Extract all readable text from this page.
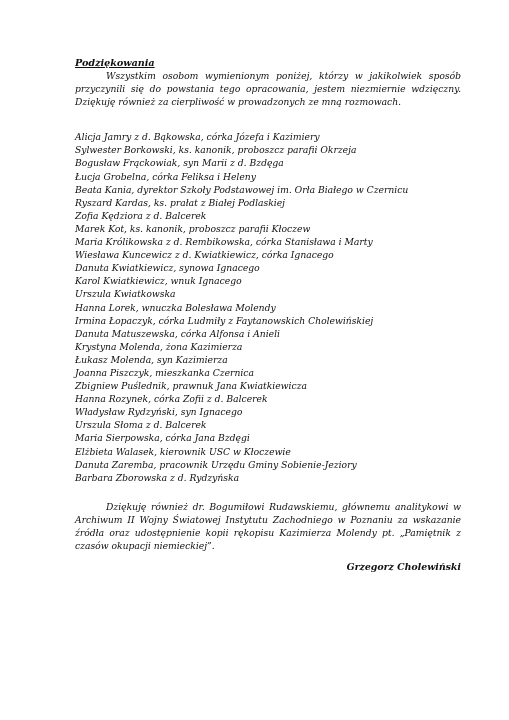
Podziękowania

Wszystkim osobom wymienionym poniżej, którzy w jakikolwiek sposób przyczynili się do powstania tego opracowania, jestem niezmiernie wdzięczny. Dziękuję również za cierpliwość w prowadzonych ze mną rozmowach.

Alicja Jamry z d. Bąkowska, córka Józefa i Kazimiery
Sylwester Borkowski, ks. kanonik, proboszcz parafii Okrzeja
Bogusław Frąckowiak, syn Marii z d. Bzdęga
Łucja Grobelna, córka Feliksa i Heleny
Beata Kania, dyrektor Szkoły Podstawowej im. Orła Białego w Czernicu
Ryszard Kardas, ks. prałat z Białej Podlaskiej
Zofia Kędziora z d. Balcerek
Marek Kot, ks. kanonik, proboszcz parafii Kłoczew
Maria Królikowska z d. Rembikowska, córka Stanisława i Marty
Wiesława Kuncewicz z d. Kwiatkiewicz, córka Ignacego
Danuta Kwiatkiewicz, synowa Ignacego
Karol Kwiatkiewicz, wnuk Ignacego
Urszula Kwiatkowska
Hanna Lorek, wnuczka Bolesława Molendy
Irmina Łopaczyk, córka Ludmiły z Faytanowskich Cholewińskiej
Danuta Matuszewska, córka Alfonsa i Anieli
Krystyna Molenda, żona Kazimierza
Łukasz Molenda, syn Kazimierza
Joanna Piszczyk, mieszkanka Czernica
Zbigniew Puślednik, prawnuk Jana Kwiatkiewicza
Hanna Rozynek, córka Zofii z d. Balcerek
Władysław Rydzyński, syn Ignacego
Urszula Słoma z d. Balcerek
Maria Sierpowska, córka Jana Bzdęgi
Elżbieta Walasek, kierownik USC w Kłoczewie
Danuta Zaremba, pracownik Urzędu Gminy Sobienie-Jeziory
Barbara Zborowska z d. Rydzyńska

Dziękuję również dr. Bogumiłowi Rudawskiemu, głównemu analitykowi w Archiwum II Wojny Światowej Instytutu Zachodniego w Poznaniu za wskazanie źródła oraz udostępnienie kopii rękopisu Kazimierza Molendy pt. „Pamiętnik z czasów okupacji niemieckiej”.

Grzegorz Cholewiński
